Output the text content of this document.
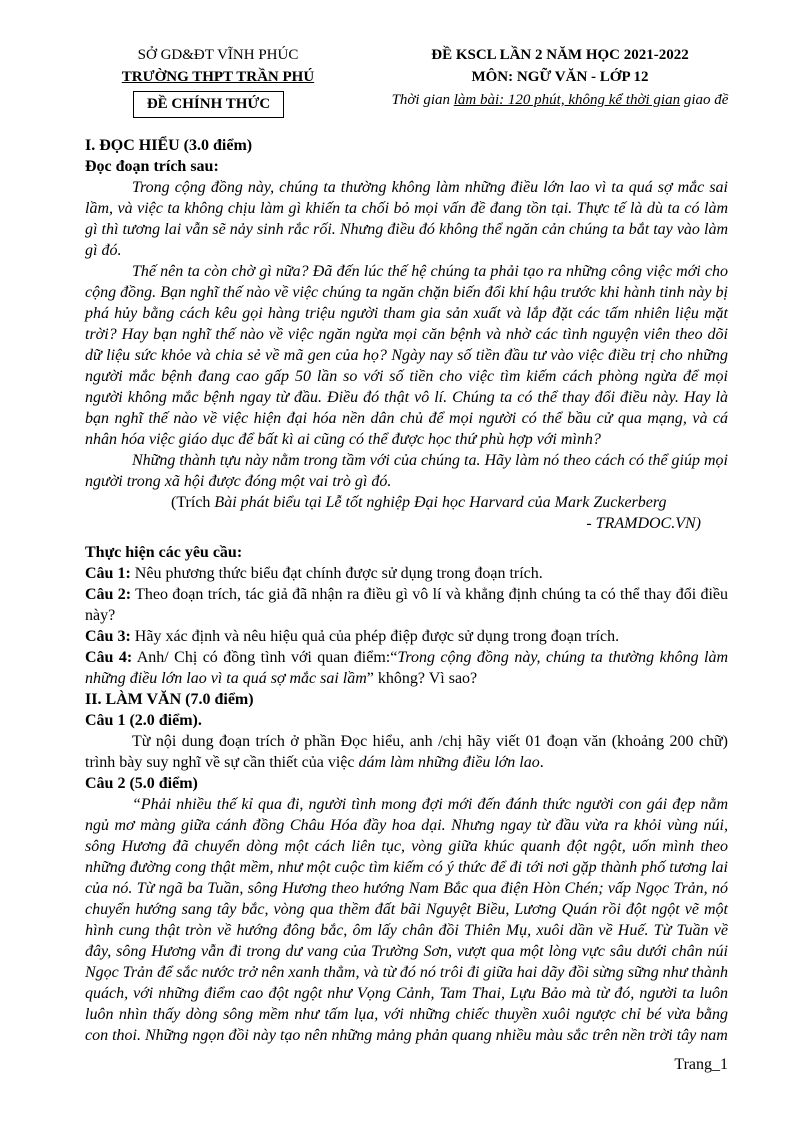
SỞ GD&ĐT VĨNH PHÚC
TRƯỜNG THPT TRẦN PHÚ
ĐỀ CHÍNH THỨC
ĐỀ KSCL LẦN 2 NĂM HỌC 2021-2022
MÔN: NGỮ VĂN - LỚP 12
Thời gian làm bài: 120 phút, không kể thời gian giao đề

I. ĐỌC HIỂU (3.0 điểm)

Đọc đoạn trích sau:

Trong cộng đồng này, chúng ta thường không làm những điều lớn lao vì ta quá sợ mắc sai lầm, và việc ta không chịu làm gì khiến ta chối bỏ mọi vấn đề đang tồn tại. Thực tế là dù ta có làm gì thì tương lai vẫn sẽ nảy sinh rắc rối. Nhưng điều đó không thể ngăn cản chúng ta bắt tay vào làm gì đó.

Thế nên ta còn chờ gì nữa? Đã đến lúc thế hệ chúng ta phải tạo ra những công việc mới cho cộng đồng. Bạn nghĩ thế nào về việc chúng ta ngăn chặn biến đổi khí hậu trước khi hành tinh này bị phá hủy bằng cách kêu gọi hàng triệu người tham gia sản xuất và lắp đặt các tấm nhiên liệu mặt trời? Hay bạn nghĩ thế nào về việc ngăn ngừa mọi căn bệnh và nhờ các tình nguyện viên theo dõi dữ liệu sức khỏe và chia sẻ về mã gen của họ? Ngày nay số tiền đầu tư vào việc điều trị cho những người mắc bệnh đang cao gấp 50 lần so với số tiền cho việc tìm kiếm cách phòng ngừa để mọi người không mắc bệnh ngay từ đầu. Điều đó thật vô lí. Chúng ta có thể thay đổi điều này. Hay là bạn nghĩ thế nào về việc hiện đại hóa nền dân chủ để mọi người có thể bầu cử qua mạng, và cá nhân hóa việc giáo dục để bất kì ai cũng có thể được học thứ phù hợp với mình?

Những thành tựu này nằm trong tầm với của chúng ta. Hãy làm nó theo cách có thể giúp mọi người trong xã hội được đóng một vai trò gì đó.

(Trích Bài phát biểu tại Lễ tốt nghiệp Đại học Harvard của Mark Zuckerberg

- TRAMDOC.VN)

Thực hiện các yêu cầu:

Câu 1: Nêu phương thức biểu đạt chính được sử dụng trong đoạn trích.

Câu 2: Theo đoạn trích, tác giả đã nhận ra điều gì vô lí và khẳng định chúng ta có thể thay đổi điều này?

Câu 3: Hãy xác định và nêu hiệu quả của phép điệp được sử dụng trong đoạn trích.

Câu 4: Anh/ Chị có đồng tình với quan điểm:“Trong cộng đồng này, chúng ta thường không làm những điều lớn lao vì ta quá sợ mắc sai lầm” không? Vì sao?

II. LÀM VĂN (7.0 điểm)

Câu 1 (2.0 điểm).

Từ nội dung đoạn trích ở phần Đọc hiểu, anh /chị hãy viết 01 đoạn văn (khoảng 200 chữ) trình bày suy nghĩ về sự cần thiết của việc dám làm những điều lớn lao.

Câu 2 (5.0 điểm)

“Phải nhiều thế kỉ qua đi, người tình mong đợi mới đến đánh thức người con gái đẹp nằm ngủ mơ màng giữa cánh đồng Châu Hóa đầy hoa dại. Nhưng ngay từ đầu vừa ra khỏi vùng núi, sông Hương đã chuyển dòng một cách liên tục, vòng giữa khúc quanh đột ngột, uốn mình theo những đường cong thật mềm, như một cuộc tìm kiếm có ý thức để đi tới nơi gặp thành phố tương lai của nó. Từ ngã ba Tuần, sông Hương theo hướng Nam Bắc qua điện Hòn Chén; vấp Ngọc Trản, nó chuyển hướng sang tây bắc, vòng qua thềm đất bãi Nguyệt Biều, Lương Quán rồi đột ngột vẽ một hình cung thật tròn về hướng đông bắc, ôm lấy chân đồi Thiên Mụ, xuôi dần về Huế. Từ Tuần về đây, sông Hương vẫn đi trong dư vang của Trường Sơn, vượt qua một lòng vực sâu dưới chân núi Ngọc Trản để sắc nước trở nên xanh thẳm, và từ đó nó trôi đi giữa hai dãy đồi sừng sững như thành quách, với những điểm cao đột ngột như Vọng Cảnh, Tam Thai, Lựu Bảo mà từ đó, người ta luôn luôn nhìn thấy dòng sông mềm như tấm lụa, với những chiếc thuyền xuôi ngược chỉ bé vừa bằng con thoi. Những ngọn đồi này tạo nên những mảng phản quang nhiều màu sắc trên nền trời tây nam

Trang_1
